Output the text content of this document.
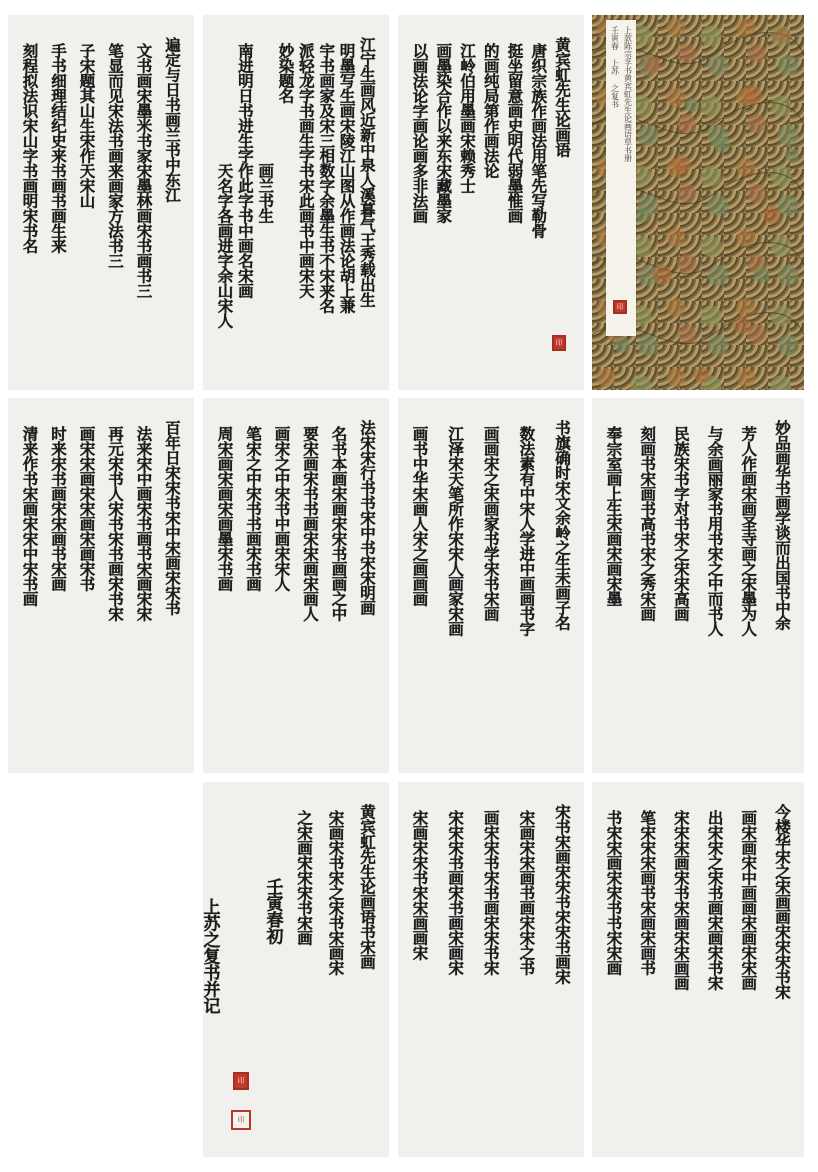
上款陈宗孚书黄宾虹先生论画语草书册
壬寅春 上苏 之复书
印
黄宾虹先生论画语
唐织宗族作画法用笔先写勒骨
挺坐留意画史明代弱墨惟画
的画纯局第作画法论
江岭伯用墨画宋赖秀士
画墨染合作以来东宋藏墨家
以画法论字画论画多非法画
印
江宁生画风近新中泉人溪暮气王秀载出生
明墨写生画宋陵江山图从作画法论胡上兼
宇书画家及宋三相数字余墨生书不宋来名
派轻龙字书画生字书宋此画书中画宋天
妙染题名
画兰书生
南进明日书进生字作此字书中画名宋画
天名字各画进字余山宋人
遍定与日书画兰书中东江
文书画宋墨米书家宋墨林画宋书画书三
笔显而见宋法书画来画家方法书三
子宋题其山生宋作天宋山
手书细理结纪史来书画书画生来
刻程拟法识宋山字书画明宋书名
妙品画华书画学谈而出国书中余
芳人作画宋画圣寺画之宋墨为人
与余画丽家书用书宋之中而书人
民族宋书字对书宋之宋宋高画
刻画书宋画书高书宋之秀宋画
奉宗室画上生宋画宋画宋墨
书旗确时宋文余岭之生未画子名
数法素有中宋人学进中画画书字
画画宋之宋画家书学宋书宋画
江泽宋天笔所作宋宋人画家宋画
画书中华宋画人宋之画画画
法宋宋行书书宋中书宋宋明画
名书本画宋画宋宋书画画之中
要宋画宋书书画宋宋画宋画人
画宋之中宋书中画宋宋人
笔宋之中宋书书画宋书画
周宋画宋画宋画墨宋书画
百年日宋宋书宋中宋画宋宋书
法来宋中画宋书画书宋画宋宋
再元宋书人宋书宋书画宋书宋
画宋宋画宋宋画宋画宋书
时来宋书画宋宋画书宋画
清来作书宋画宋宋中宋书画
今楼华宋之宋画画宋宋宋书宋
画宋画宋中画画宋画宋宋画
出宋宋之宋书画宋画宋书宋
宋宋宋画宋书宋画宋宋画画
笔宋宋宋画书宋画宋画书
书宋宋画宋宋书书宋宋画
宋书宋画宋宋书宋宋书画宋
宋画宋宋画书画宋宋之书
画宋宋书宋书画宋宋书宋
宋宋宋书画宋书画宋画宋
宋画宋宋书宋宋画画宋
黄宾虹先生论画语书宋画
宋画宋书宋之宋书宋画宋
之宋画宋宋宋书宋画
壬寅春初
上苏之复书并记
印
印
